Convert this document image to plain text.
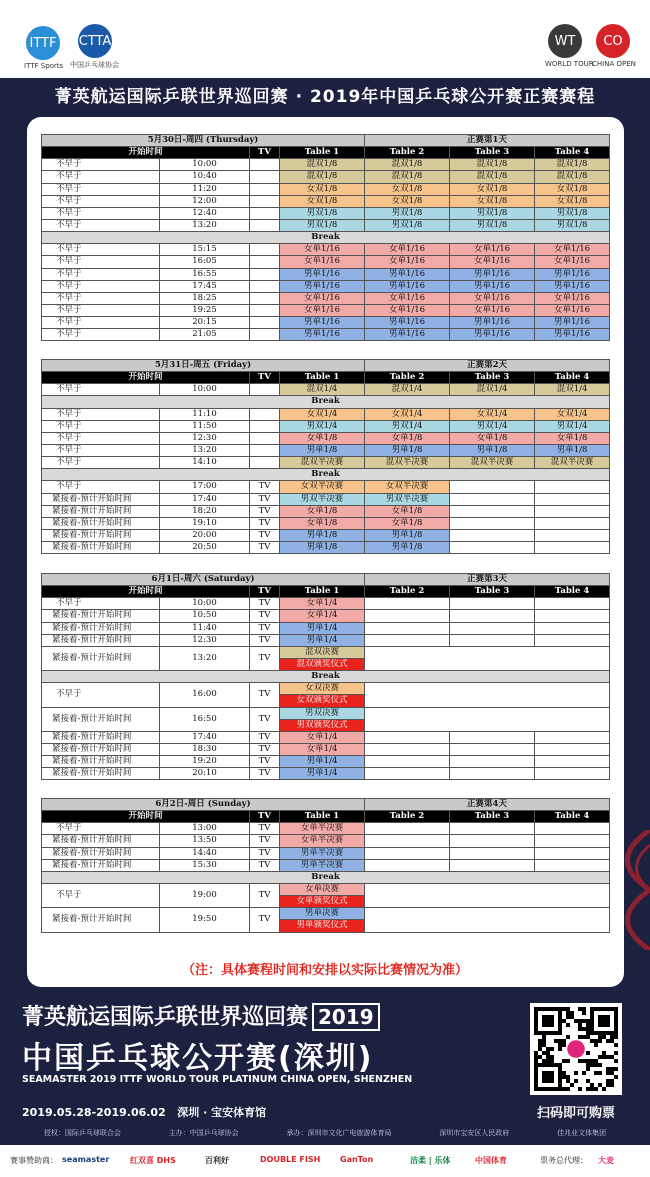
ITTF
ITTF Sports
CTTA
中国乒乓球协会
WT
WORLD TOUR
CO
CHINA OPEN
菁英航运国际乒联世界巡回赛 · 2019年中国乒乓球公开赛正赛赛程
5月30日-周四 (Thursday)				正赛第1天		
开始时间		TV	Table 1	Table 2	Table 3	Table 4
不早于	10:00		混双1/8	混双1/8	混双1/8	混双1/8
不早于	10:40		混双1/8	混双1/8	混双1/8	混双1/8
不早于	11:20		女双1/8	女双1/8	女双1/8	女双1/8
不早于	12:00		女双1/8	女双1/8	女双1/8	女双1/8
不早于	12:40		男双1/8	男双1/8	男双1/8	男双1/8
不早于	13:20		男双1/8	男双1/8	男双1/8	男双1/8
Break						
不早于	15:15		女单1/16	女单1/16	女单1/16	女单1/16
不早于	16:05		女单1/16	女单1/16	女单1/16	女单1/16
不早于	16:55		男单1/16	男单1/16	男单1/16	男单1/16
不早于	17:45		男单1/16	男单1/16	男单1/16	男单1/16
不早于	18:25		女单1/16	女单1/16	女单1/16	女单1/16
不早于	19:25		女单1/16	女单1/16	女单1/16	女单1/16
不早于	20:15		男单1/16	男单1/16	男单1/16	男单1/16
不早于	21:05		男单1/16	男单1/16	男单1/16	男单1/16
5月31日-周五 (Friday)				正赛第2天		
开始时间		TV	Table 1	Table 2	Table 3	Table 4
不早于	10:00		混双1/4	混双1/4	混双1/4	混双1/4
Break						
不早于	11:10		女双1/4	女双1/4	女双1/4	女双1/4
不早于	11:50		男双1/4	男双1/4	男双1/4	男双1/4
不早于	12:30		女单1/8	女单1/8	女单1/8	女单1/8
不早于	13:20		男单1/8	男单1/8	男单1/8	男单1/8
不早于	14:10		混双半决赛	混双半决赛	混双半决赛	混双半决赛
Break						
不早于	17:00	TV	女双半决赛	女双半决赛		
紧接着-预计开始时间	17:40	TV	男双半决赛	男双半决赛		
紧接着-预计开始时间	18:20	TV	女单1/8	女单1/8		
紧接着-预计开始时间	19:10	TV	女单1/8	女单1/8		
紧接着-预计开始时间	20:00	TV	男单1/8	男单1/8		
紧接着-预计开始时间	20:50	TV	男单1/8	男单1/8		
6月1日-周六 (Saturday)				正赛第3天		
开始时间		TV	Table 1	Table 2	Table 3	Table 4
不早于	10:00	TV	女单1/4			
紧接着-预计开始时间	10:50	TV	女单1/4			
紧接着-预计开始时间	11:40	TV	男单1/4			
紧接着-预计开始时间	12:30	TV	男单1/4			
紧接着-预计开始时间	13:20	TV	混双决赛			
			混双颁奖仪式			
Break						
不早于	16:00	TV	女双决赛			
			女双颁奖仪式			
紧接着-预计开始时间	16:50	TV	男双决赛			
			男双颁奖仪式			
紧接着-预计开始时间	17:40	TV	女单1/4			
紧接着-预计开始时间	18:30	TV	女单1/4			
紧接着-预计开始时间	19:20	TV	男单1/4			
紧接着-预计开始时间	20:10	TV	男单1/4			
6月2日-周日 (Sunday)				正赛第4天		
开始时间		TV	Table 1	Table 2	Table 3	Table 4
不早于	13:00	TV	女单半决赛			
紧接着-预计开始时间	13:50	TV	女单半决赛			
紧接着-预计开始时间	14:40	TV	男单半决赛			
紧接着-预计开始时间	15:30	TV	男单半决赛			
Break						
不早于	19:00	TV	女单决赛			
			女单颁奖仪式			
紧接着-预计开始时间	19:50	TV	男单决赛			
			男单颁奖仪式			
（注：具体赛程时间和安排以实际比赛情况为准）
菁英航运国际乒联世界巡回赛 2019
中国乒乓球公开赛(深圳)
SEAMASTER 2019 ITTF WORLD TOUR PLATINUM CHINA OPEN, SHENZHEN
2019.05.28-2019.06.02 深圳 · 宝安体育馆	扫码即可购票
授权：国际乒乓球联合会	主办：中国乒乓球协会	承办：深圳市文化广电旅游体育局	深圳市宝安区人民政府	佳兆业文体集团
赛事赞助商： seamaster	红双喜 DHS	百利好	DOUBLE FISH GanTon	洁柔 | 乐体	中国体育	票务总代理： 大麦
